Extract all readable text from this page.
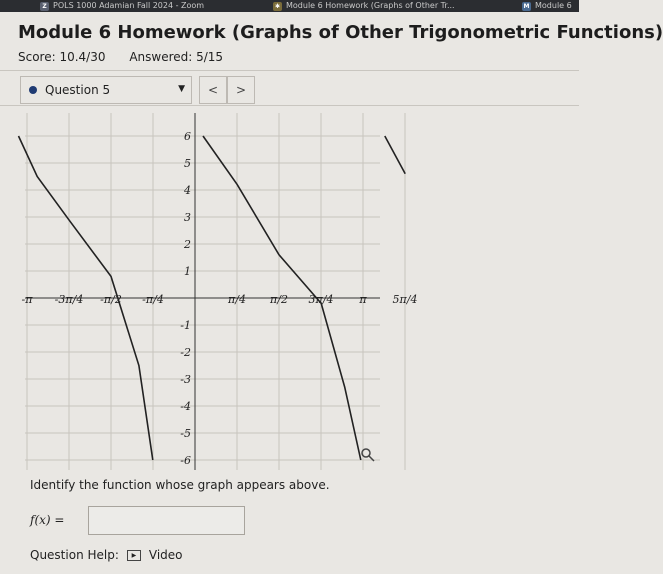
Z POLS 1000 Adamian Fall 2024 - Zoom	✱ Module 6 Homework (Graphs of Other Tr...	M Module 6
Module 6 Homework (Graphs of Other Trigonometric Functions)
Score: 10.4/30 Answered: 5/15
Question 5	▼	<	>
-π -3π/4 -π/2 -π/4	π/4 π/2 3π/4 π 5π/4
6
5
4
3
2
1
-1
-2
-3
-4
-5
-6
Identify the function whose graph appears above.
f(x) =
Question Help:	▶	Video
